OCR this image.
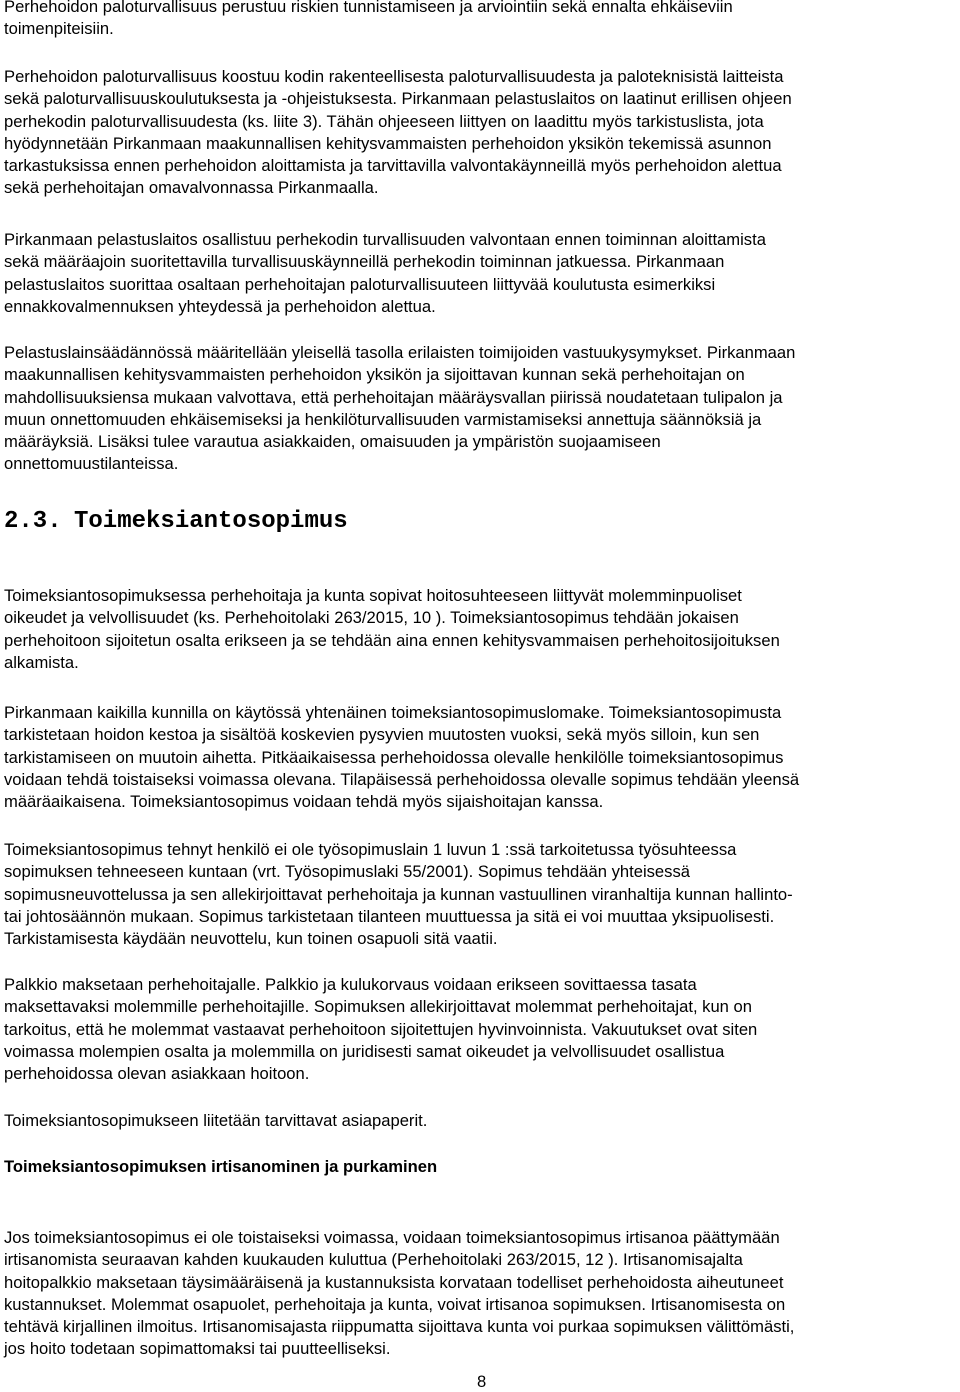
Perhehoidon paloturvallisuus perustuu riskien tunnistamiseen ja arviointiin sekä ennalta ehkäiseviin
toimenpiteisiin.
Perhehoidon paloturvallisuus koostuu kodin rakenteellisesta paloturvallisuudesta ja paloteknisistä laitteista
sekä paloturvallisuuskoulutuksesta ja -ohjeistuksesta. Pirkanmaan pelastuslaitos on laatinut erillisen ohjeen
perhekodin paloturvallisuudesta (ks. liite 3). Tähän ohjeeseen liittyen on laadittu myös tarkistuslista, jota
hyödynnetään Pirkanmaan maakunnallisen kehitysvammaisten perhehoidon yksikön tekemissä asunnon
tarkastuksissa ennen perhehoidon aloittamista ja tarvittavilla valvontakäynneillä myös perhehoidon alettua
sekä perhehoitajan omavalvonnassa Pirkanmaalla.
Pirkanmaan pelastuslaitos osallistuu perhekodin turvallisuuden valvontaan ennen toiminnan aloittamista
sekä määräajoin suoritettavilla turvallisuuskäynneillä perhekodin toiminnan jatkuessa. Pirkanmaan
pelastuslaitos suorittaa osaltaan perhehoitajan paloturvallisuuteen liittyvää koulutusta esimerkiksi
ennakkovalmennuksen yhteydessä ja perhehoidon alettua.
Pelastuslainsäädännössä määritellään yleisellä tasolla erilaisten toimijoiden vastuukysymykset. Pirkanmaan
maakunnallisen kehitysvammaisten perhehoidon yksikön ja sijoittavan kunnan sekä perhehoitajan on
mahdollisuuksiensa mukaan valvottava, että perhehoitajan määräysvallan piirissä noudatetaan tulipalon ja
muun onnettomuuden ehkäisemiseksi ja henkilöturvallisuuden varmistamiseksi annettuja säännöksiä ja
määräyksiä. Lisäksi tulee varautua asiakkaiden, omaisuuden ja ympäristön suojaamiseen
onnettomuustilanteissa.
2.3. Toimeksiantosopimus
Toimeksiantosopimuksessa perhehoitaja ja kunta sopivat hoitosuhteeseen liittyvät molemminpuoliset
oikeudet ja velvollisuudet (ks. Perhehoitolaki 263/2015, 10 ). Toimeksiantosopimus tehdään jokaisen
perhehoitoon sijoitetun osalta erikseen ja se tehdään aina ennen kehitysvammaisen perhehoitosijoituksen
alkamista.
Pirkanmaan kaikilla kunnilla on käytössä yhtenäinen toimeksiantosopimuslomake. Toimeksiantosopimusta
tarkistetaan hoidon kestoa ja sisältöä koskevien pysyvien muutosten vuoksi, sekä myös silloin, kun sen
tarkistamiseen on muutoin aihetta. Pitkäaikaisessa perhehoidossa olevalle henkilölle toimeksiantosopimus
voidaan tehdä toistaiseksi voimassa olevana. Tilapäisessä perhehoidossa olevalle sopimus tehdään yleensä
määräaikaisena. Toimeksiantosopimus voidaan tehdä myös sijaishoitajan kanssa.
Toimeksiantosopimus tehnyt henkilö ei ole työsopimuslain 1 luvun 1 :ssä tarkoitetussa työsuhteessa
sopimuksen tehneeseen kuntaan (vrt. Työsopimuslaki 55/2001). Sopimus tehdään yhteisessä
sopimusneuvottelussa ja sen allekirjoittavat perhehoitaja ja kunnan vastuullinen viranhaltija kunnan hallinto-
tai johtosäännön mukaan. Sopimus tarkistetaan tilanteen muuttuessa ja sitä ei voi muuttaa yksipuolisesti.
Tarkistamisesta käydään neuvottelu, kun toinen osapuoli sitä vaatii.
Palkkio maksetaan perhehoitajalle. Palkkio ja kulukorvaus voidaan erikseen sovittaessa tasata
maksettavaksi molemmille perhehoitajille. Sopimuksen allekirjoittavat molemmat perhehoitajat, kun on
tarkoitus, että he molemmat vastaavat perhehoitoon sijoitettujen hyvinvoinnista. Vakuutukset ovat siten
voimassa molempien osalta ja molemmilla on juridisesti samat oikeudet ja velvollisuudet osallistua
perhehoidossa olevan asiakkaan hoitoon.
Toimeksiantosopimukseen liitetään tarvittavat asiapaperit.
Toimeksiantosopimuksen irtisanominen ja purkaminen
Jos toimeksiantosopimus ei ole toistaiseksi voimassa, voidaan toimeksiantosopimus irtisanoa päättymään
irtisanomista seuraavan kahden kuukauden kuluttua (Perhehoitolaki 263/2015, 12 ). Irtisanomisajalta
hoitopalkkio maksetaan täysimääräisenä ja kustannuksista korvataan todelliset perhehoidosta aiheutuneet
kustannukset. Molemmat osapuolet, perhehoitaja ja kunta, voivat irtisanoa sopimuksen. Irtisanomisesta on
tehtävä kirjallinen ilmoitus. Irtisanomisajasta riippumatta sijoittava kunta voi purkaa sopimuksen välittömästi,
jos hoito todetaan sopimattomaksi tai puutteelliseksi.
8
